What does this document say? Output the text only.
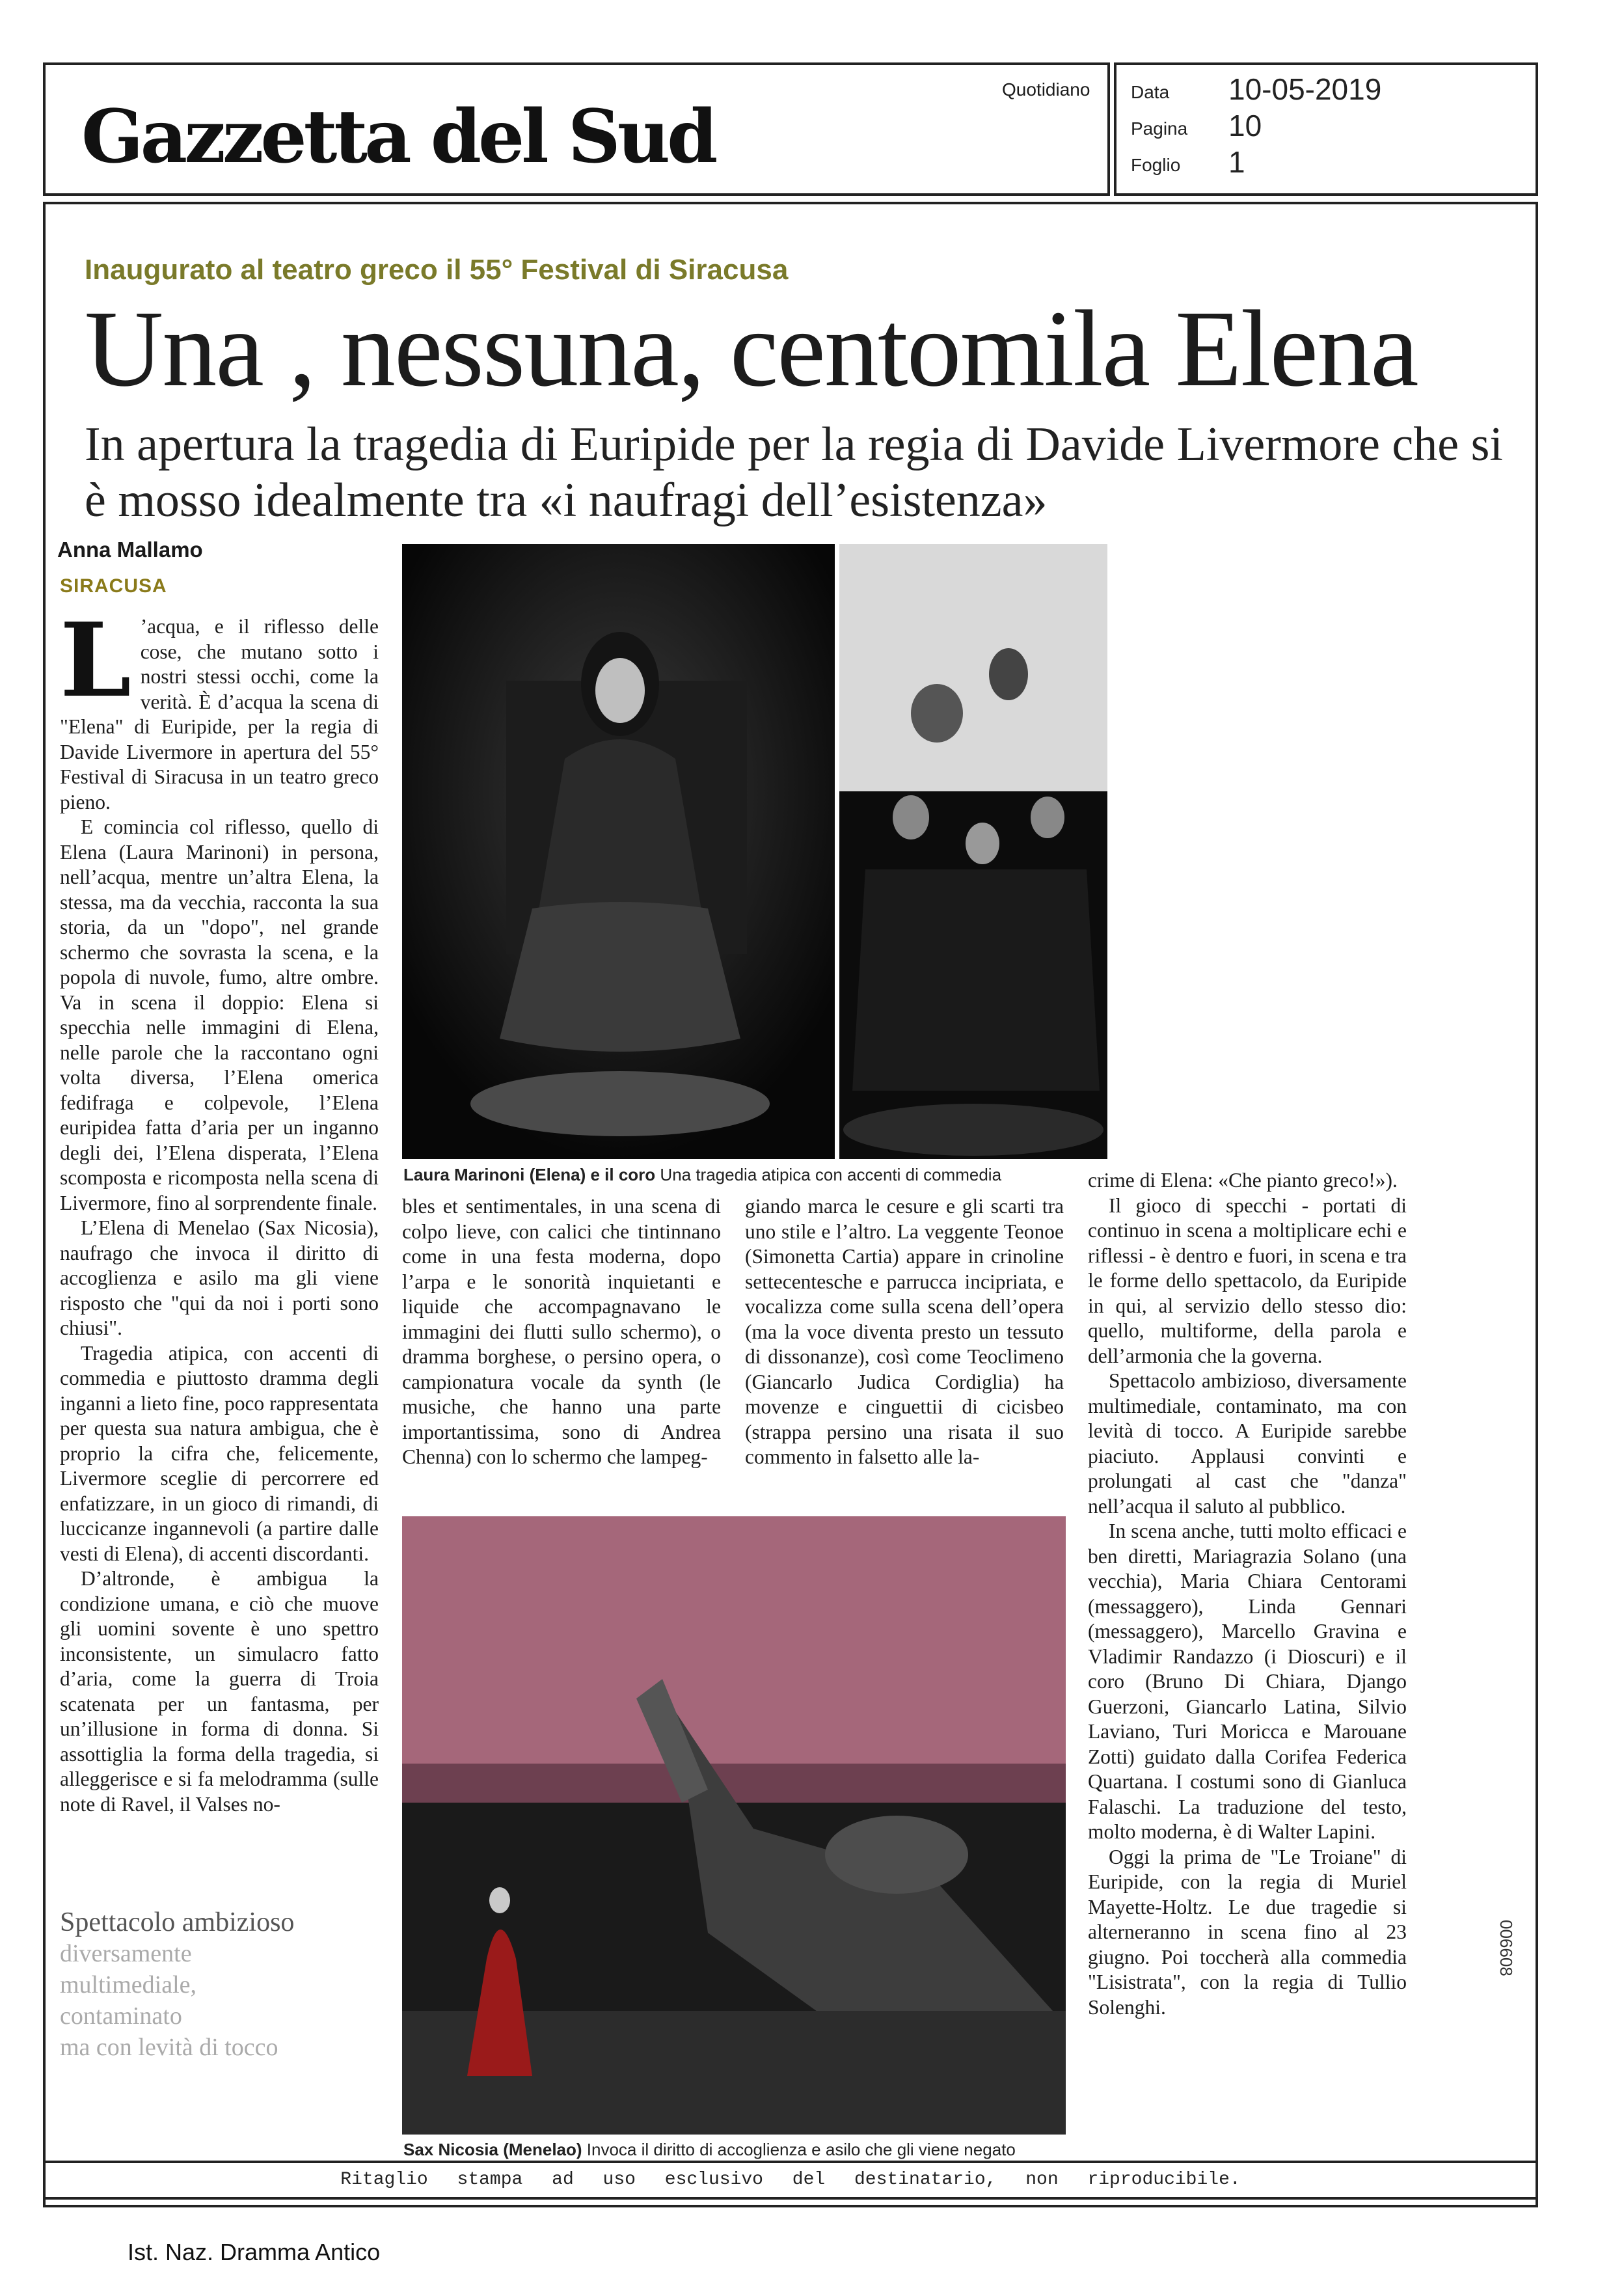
Gazzetta del Sud
Quotidiano Data 10-05-2019
Pagina 10
Foglio 1
Inaugurato al teatro greco il 55° Festival di Siracusa
Una , nessuna, centomila Elena
In apertura la tragedia di Euripide per la regia di Davide Livermore che si è mosso idealmente tra «i naufragi dell’esistenza»
Anna Mallamo
SIRACUSA

L ’acqua, e il riflesso delle cose, che mutano sotto i nostri stessi occhi, come la verità. È d’acqua la scena di "Elena" di Euripide, per la regia di Davide Livermore in apertura del 55° Festival di Siracusa in un teatro greco pieno.

E comincia col riflesso, quello di Elena (Laura Marinoni) in persona, nell’acqua, mentre un’altra Elena, la stessa, ma da vecchia, racconta la sua storia, da un "dopo", nel grande schermo che sovrasta la scena, e la popola di nuvole, fumo, altre ombre. Va in scena il doppio: Elena si specchia nelle immagini di Elena, nelle parole che la raccontano ogni volta diversa, l’Elena omerica fedifraga e colpevole, l’Elena euripidea fatta d’aria per un inganno degli dei, l’Elena disperata, l’Elena scomposta e ricomposta nella scena di Livermore, fino al sorprendente finale.

L’Elena di Menelao (Sax Nicosia), naufrago che invoca il diritto di accoglienza e asilo ma gli viene risposto che "qui da noi i porti sono chiusi".

Tragedia atipica, con accenti di commedia e piuttosto dramma degli inganni a lieto fine, poco rappresentata per questa sua natura ambigua, che è proprio la cifra che, felicemente, Livermore sceglie di percorrere ed enfatizzare, in un gioco di rimandi, di luccicanze ingannevoli (a partire dalle vesti di Elena), di accenti discordanti.

D’altronde, è ambigua la condizione umana, e ciò che muove gli uomini sovente è uno spettro inconsistente, un simulacro fatto d’aria, come la guerra di Troia scatenata per un fantasma, per un’illusione in forma di donna. Si assottiglia la forma della tragedia, si alleggerisce e si fa melodramma (sulle note di Ravel, il Valses no-

Spettacolo ambizioso
diversamente
multimediale,
contaminato
ma con levità di tocco
Laura Marinoni (Elena) e il coro Una tragedia atipica con accenti di commedia

bles et sentimentales, in una scena di colpo lieve, con calici che tintinnano come in una festa moderna, dopo l’arpa e le sonorità inquietanti e liquide che accompagnavano le immagini dei flutti sullo schermo), o dramma borghese, o persino opera, o campionatura vocale da synth (le musiche, che hanno una parte importantissima, sono di Andrea Chenna) con lo schermo che lampeg-

giando marca le cesure e gli scarti tra uno stile e l’altro. La veggente Teonoe (Simonetta Cartia) appare in crinoline settecentesche e parrucca incipriata, e vocalizza come sulla scena dell’opera (ma la voce diventa presto un tessuto di dissonanze), così come Teoclimeno (Giancarlo Judica Cordiglia) ha movenze e cinguettii di cicisbeo (strappa persino una risata il suo commento in falsetto alle la-

crime di Elena: «Che pianto greco!»).

Il gioco di specchi - portati di continuo in scena a moltiplicare echi e riflessi - è dentro e fuori, in scena e tra le forme dello spettacolo, da Euripide in qui, al servizio dello stesso dio: quello, multiforme, della parola e dell’armonia che la governa.

Spettacolo ambizioso, diversamente multimediale, contaminato, ma con levità di tocco. A Euripide sarebbe piaciuto. Applausi convinti e prolungati al cast che "danza" nell’acqua il saluto al pubblico.

In scena anche, tutti molto efficaci e ben diretti, Mariagrazia Solano (una vecchia), Maria Chiara Centorami (messaggero), Linda Gennari (messaggero), Marcello Gravina e Vladimir Randazzo (i Dioscuri) e il coro (Bruno Di Chiara, Django Guerzoni, Giancarlo Latina, Silvio Laviano, Turi Moricca e Marouane Zotti) guidato dalla Corifea Federica Quartana. I costumi sono di Gianluca Falaschi. La traduzione del testo, molto moderna, è di Walter Lapini.

Oggi la prima de "Le Troiane" di Euripide, con la regia di Muriel Mayette-Holtz. Le due tragedie si alterneranno in scena fino al 23 giugno. Poi toccherà alla commedia "Lisistrata", con la regia di Tullio Solenghi.

Sax Nicosia (Menelao) Invoca il diritto di accoglienza e asilo che gli viene negato
006608
Ritaglio stampa ad uso esclusivo del destinatario, non riproducibile.
Ist. Naz. Dramma Antico
